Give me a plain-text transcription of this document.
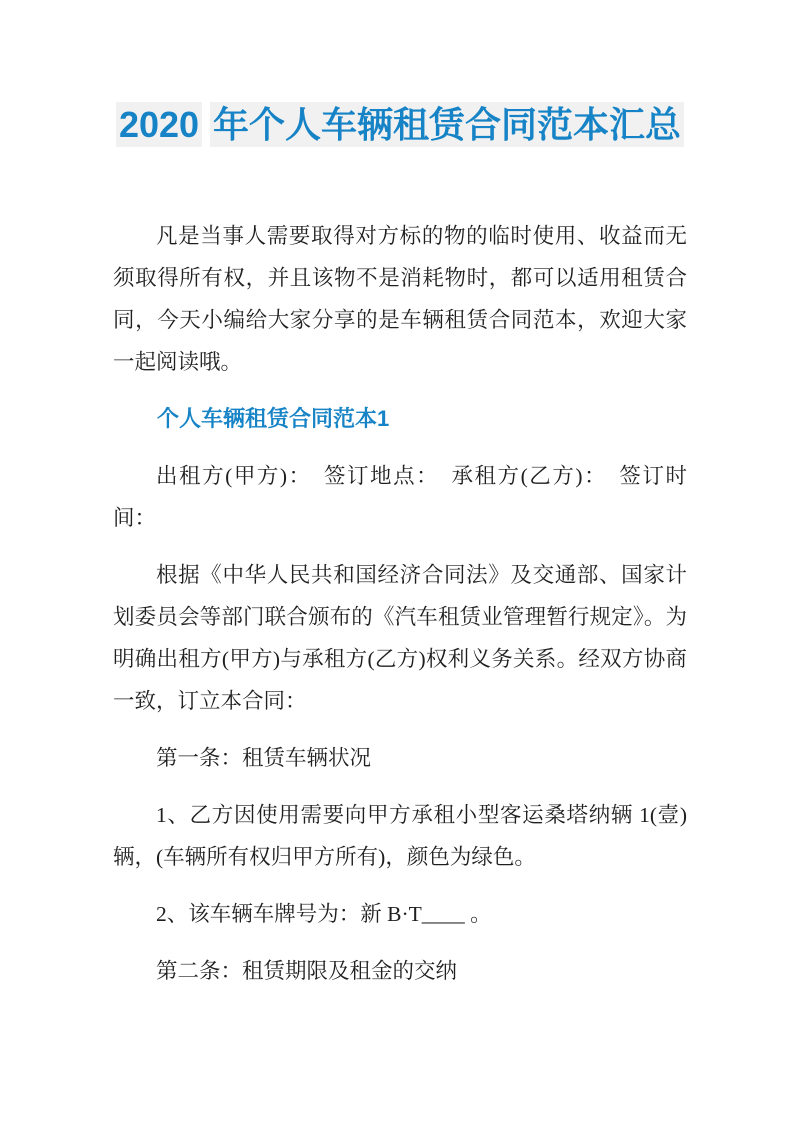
2020 年个人车辆租赁合同范本汇总

凡是当事人需要取得对方标的物的临时使用、收益而无须取得所有权，并且该物不是消耗物时，都可以适用租赁合同，今天小编给大家分享的是车辆租赁合同范本，欢迎大家一起阅读哦。

个人车辆租赁合同范本1

出租方(甲方)：　签订地点：　承租方(乙方)：　签订时间：

根据《中华人民共和国经济合同法》及交通部、国家计划委员会等部门联合颁布的《汽车租赁业管理暂行规定》。为明确出租方(甲方)与承租方(乙方)权利义务关系。经双方协商一致，订立本合同：

第一条：租赁车辆状况

1、乙方因使用需要向甲方承租小型客运桑塔纳辆 1(壹)辆，(车辆所有权归甲方所有)，颜色为绿色。

2、该车辆车牌号为：新 B·T____ 。

第二条：租赁期限及租金的交纳
